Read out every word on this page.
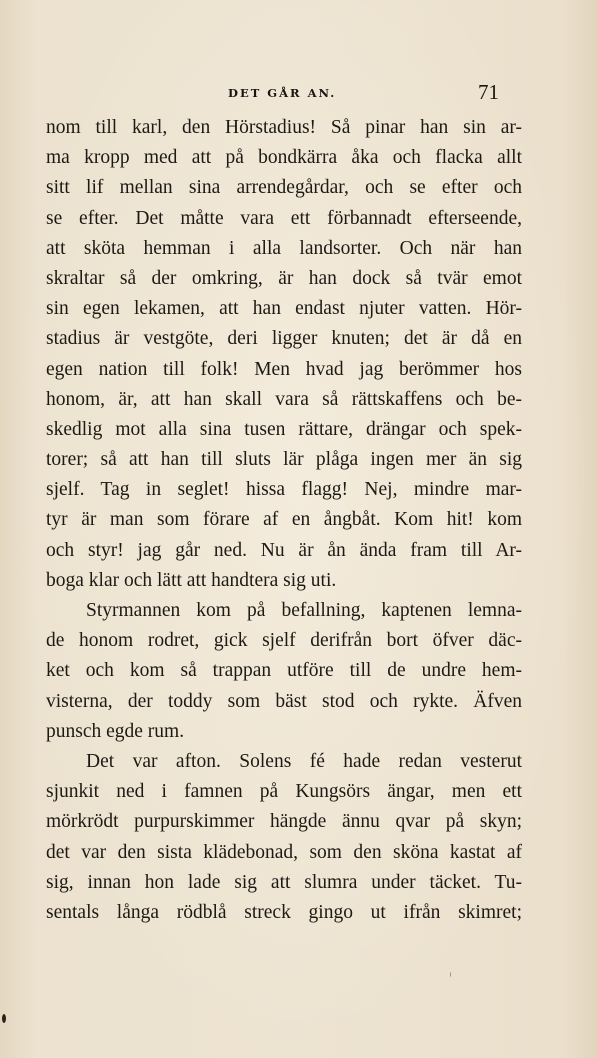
DET GÅR AN.	71
nom till karl, den Hörstadius! Så pinar han sin ar-
ma kropp med att på bondkärra åka och flacka allt
sitt lif mellan sina arrendegårdar, och se efter och
se efter. Det måtte vara ett förbannadt efterseende,
att sköta hemman i alla landsorter. Och när han
skraltar så der omkring, är han dock så tvär emot
sin egen lekamen, att han endast njuter vatten. Hör-
stadius är vestgöte, deri ligger knuten; det är då en
egen nation till folk! Men hvad jag berömmer hos
honom, är, att han skall vara så rättskaffens och be-
skedlig mot alla sina tusen rättare, drängar och spek-
torer; så att han till sluts lär plåga ingen mer än sig
sjelf. Tag in seglet! hissa flagg! Nej, mindre mar-
tyr är man som förare af en ångbåt. Kom hit! kom
och styr! jag går ned. Nu är ån ända fram till Ar-
boga klar och lätt att handtera sig uti.
Styrmannen kom på befallning, kaptenen lemna-
de honom rodret, gick sjelf derifrån bort öfver däc-
ket och kom så trappan utföre till de undre hem-
visterna, der toddy som bäst stod och rykte. Äfven
punsch egde rum.
Det var afton. Solens fé hade redan vesterut
sjunkit ned i famnen på Kungsörs ängar, men ett
mörkrödt purpurskimmer hängde ännu qvar på skyn;
det var den sista klädebonad, som den sköna kastat af
sig, innan hon lade sig att slumra under täcket. Tu-
sentals långa rödblå streck gingo ut ifrån skimret;
